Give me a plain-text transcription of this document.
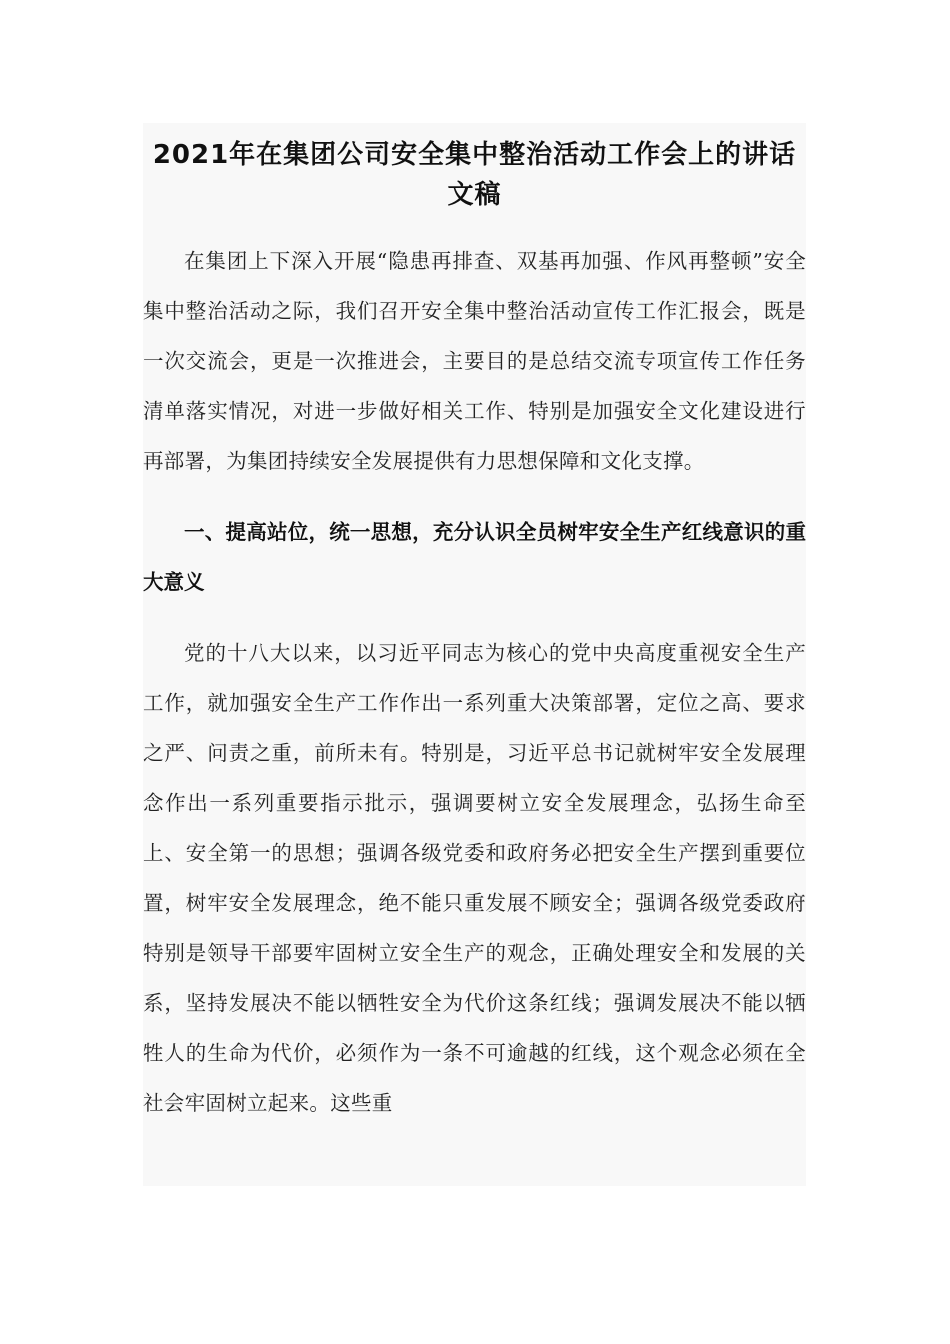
2021年在集团公司安全集中整治活动工作会上的讲话文稿

在集团上下深入开展“隐患再排查、双基再加强、作风再整顿”安全集中整治活动之际，我们召开安全集中整治活动宣传工作汇报会，既是一次交流会，更是一次推进会，主要目的是总结交流专项宣传工作任务清单落实情况，对进一步做好相关工作、特别是加强安全文化建设进行再部署，为集团持续安全发展提供有力思想保障和文化支撑。

一、提高站位，统一思想，充分认识全员树牢安全生产红线意识的重大意义

党的十八大以来，以习近平同志为核心的党中央高度重视安全生产工作，就加强安全生产工作作出一系列重大决策部署，定位之高、要求之严、问责之重，前所未有。特别是，习近平总书记就树牢安全发展理念作出一系列重要指示批示，强调要树立安全发展理念，弘扬生命至上、安全第一的思想；强调各级党委和政府务必把安全生产摆到重要位置，树牢安全发展理念，绝不能只重发展不顾安全；强调各级党委政府特别是领导干部要牢固树立安全生产的观念，正确处理安全和发展的关系，坚持发展决不能以牺牲安全为代价这条红线；强调发展决不能以牺牲人的生命为代价，必须作为一条不可逾越的红线，这个观念必须在全社会牢固树立起来。这些重
